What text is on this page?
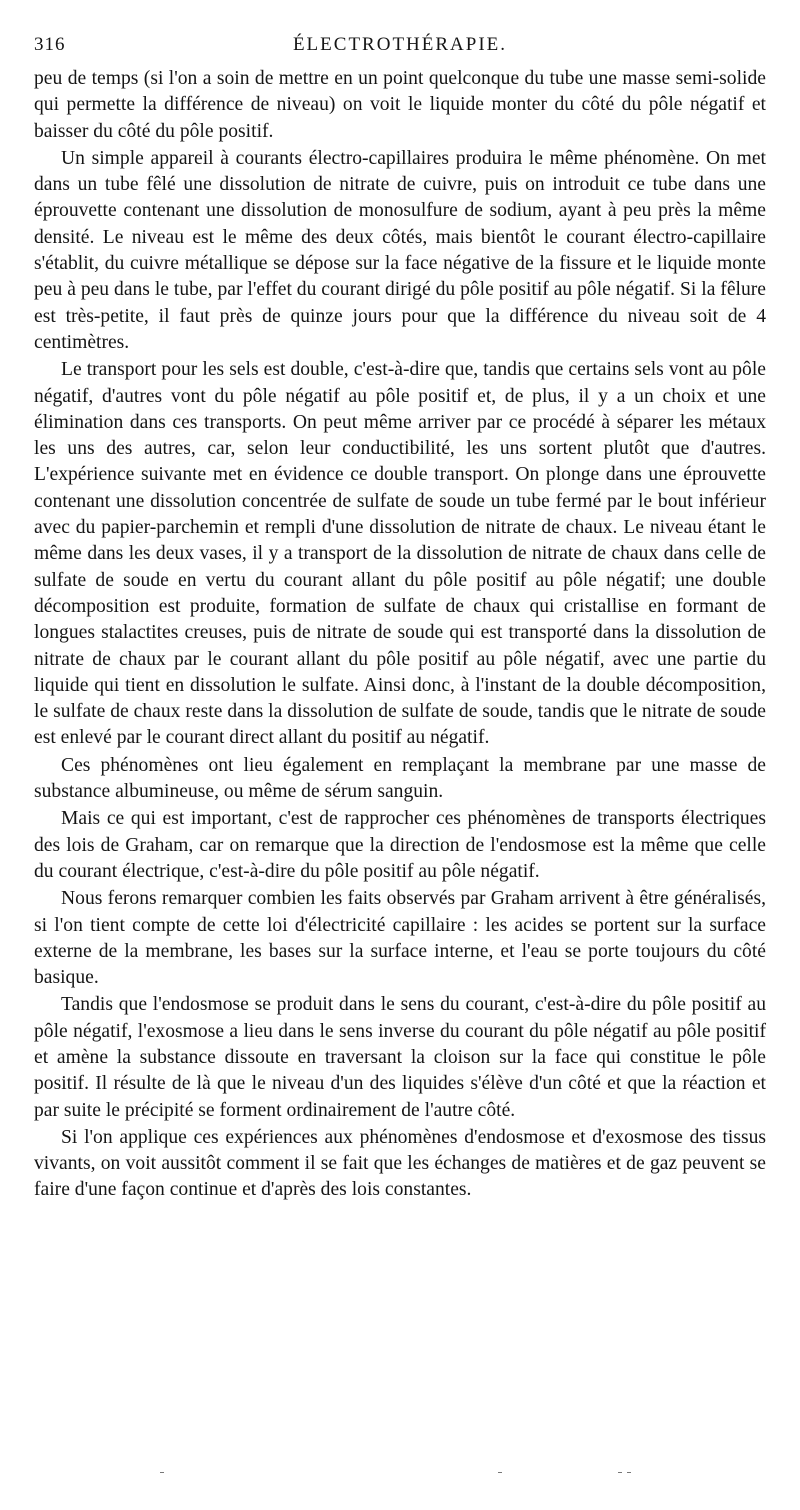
316	ÉLECTROTHÉRAPIE.

peu de temps (si l'on a soin de mettre en un point quelconque du tube une masse semi-solide qui permette la différence de niveau) on voit le liquide monter du côté du pôle négatif et baisser du côté du pôle positif.

Un simple appareil à courants électro-capillaires produira le même phénomène. On met dans un tube fêlé une dissolution de nitrate de cuivre, puis on introduit ce tube dans une éprouvette contenant une dissolution de monosulfure de sodium, ayant à peu près la même densité. Le niveau est le même des deux côtés, mais bientôt le courant électro-capillaire s'établit, du cuivre métallique se dépose sur la face négative de la fissure et le liquide monte peu à peu dans le tube, par l'effet du courant dirigé du pôle positif au pôle négatif. Si la fêlure est très-petite, il faut près de quinze jours pour que la différence du niveau soit de 4 centimètres.

Le transport pour les sels est double, c'est-à-dire que, tandis que certains sels vont au pôle négatif, d'autres vont du pôle négatif au pôle positif et, de plus, il y a un choix et une élimination dans ces transports. On peut même arriver par ce procédé à séparer les métaux les uns des autres, car, selon leur conductibilité, les uns sortent plutôt que d'autres. L'expérience suivante met en évidence ce double transport. On plonge dans une éprouvette contenant une dissolution concentrée de sulfate de soude un tube fermé par le bout inférieur avec du papier-parchemin et rempli d'une dissolution de nitrate de chaux. Le niveau étant le même dans les deux vases, il y a transport de la dissolution de nitrate de chaux dans celle de sulfate de soude en vertu du courant allant du pôle positif au pôle négatif; une double décomposition est produite, formation de sulfate de chaux qui cristallise en formant de longues stalactites creuses, puis de nitrate de soude qui est transporté dans la dissolution de nitrate de chaux par le courant allant du pôle positif au pôle négatif, avec une partie du liquide qui tient en dissolution le sulfate. Ainsi donc, à l'instant de la double décomposition, le sulfate de chaux reste dans la dissolution de sulfate de soude, tandis que le nitrate de soude est enlevé par le courant direct allant du positif au négatif.

Ces phénomènes ont lieu également en remplaçant la membrane par une masse de substance albumineuse, ou même de sérum sanguin.

Mais ce qui est important, c'est de rapprocher ces phénomènes de transports électriques des lois de Graham, car on remarque que la direction de l'endosmose est la même que celle du courant électrique, c'est-à-dire du pôle positif au pôle négatif.

Nous ferons remarquer combien les faits observés par Graham arrivent à être généralisés, si l'on tient compte de cette loi d'électricité capillaire : les acides se portent sur la surface externe de la membrane, les bases sur la surface interne, et l'eau se porte toujours du côté basique.

Tandis que l'endosmose se produit dans le sens du courant, c'est-à-dire du pôle positif au pôle négatif, l'exosmose a lieu dans le sens inverse du courant du pôle négatif au pôle positif et amène la substance dissoute en traversant la cloison sur la face qui constitue le pôle positif. Il résulte de là que le niveau d'un des liquides s'élève d'un côté et que la réaction et par suite le précipité se forment ordinairement de l'autre côté.

Si l'on applique ces expériences aux phénomènes d'endosmose et d'exosmose des tissus vivants, on voit aussitôt comment il se fait que les échanges de matières et de gaz peuvent se faire d'une façon continue et d'après des lois constantes.
